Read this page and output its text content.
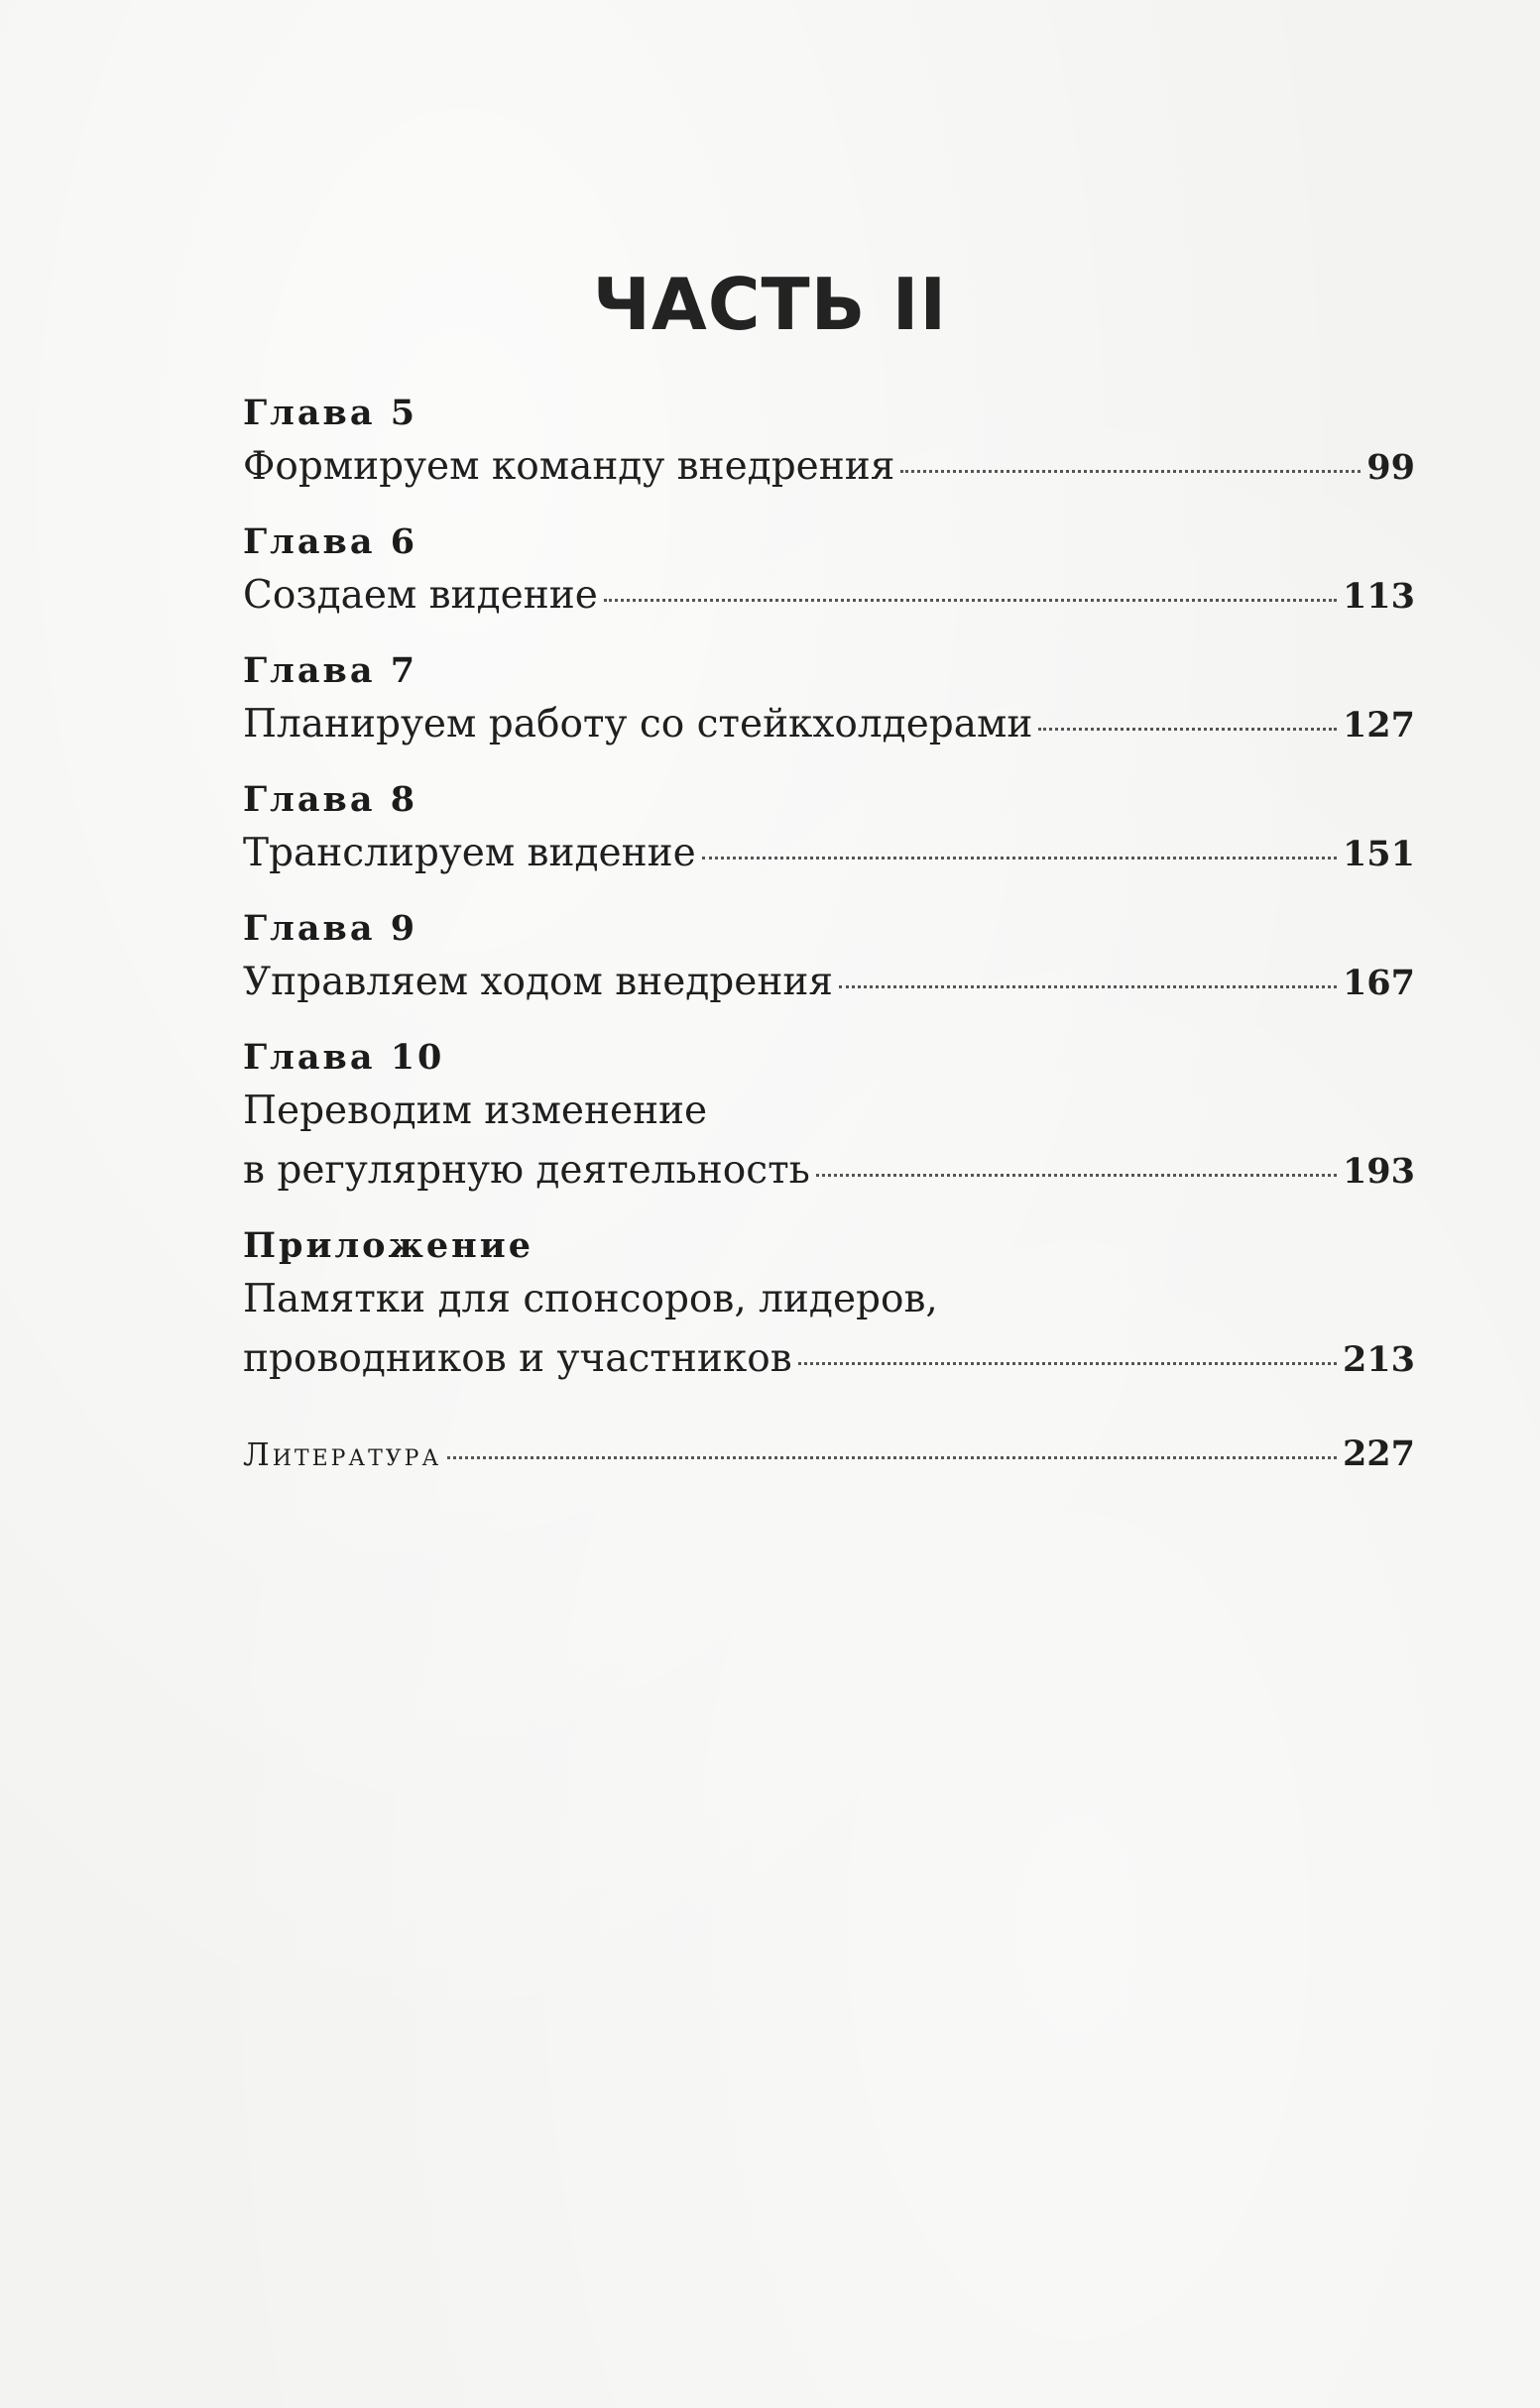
ЧАСТЬ II
Глава 5
Формируем команду внедрения	99
Глава 6
Создаем видение	113
Глава 7
Планируем работу со стейкхолдерами	127
Глава 8
Транслируем видение	151
Глава 9
Управляем ходом внедрения	167
Глава 10
Переводим изменение
в регулярную деятельность	193
Приложение
Памятки для спонсоров, лидеров,
проводников и участников	213
Литература	227
